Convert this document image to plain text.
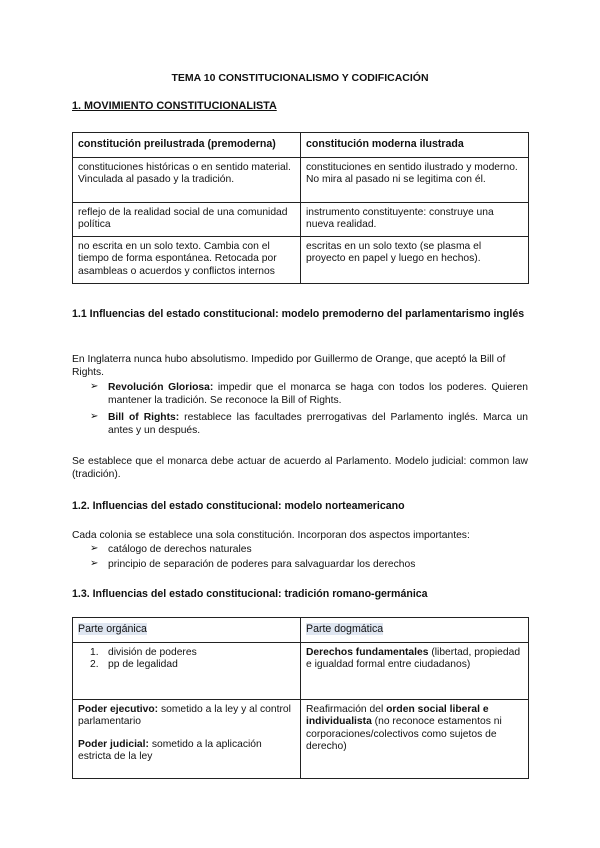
TEMA 10 CONSTITUCIONALISMO Y CODIFICACIÓN
1. MOVIMIENTO CONSTITUCIONALISTA
constitución preilustrada (premoderna)	constitución moderna ilustrada
constituciones históricas o en sentido material. Vinculada al pasado y la tradición.	constituciones en sentido ilustrado y moderno. No mira al pasado ni se legitima con él.
reflejo de la realidad social de una comunidad política	instrumento constituyente: construye una nueva realidad.
no escrita en un solo texto. Cambia con el tiempo de forma espontánea. Retocada por asambleas o acuerdos y conflictos internos	escritas en un solo texto (se plasma el proyecto en papel y luego en hechos).
1.1 Influencias del estado constitucional: modelo premoderno del parlamentarismo inglés
En Inglaterra nunca hubo absolutismo. Impedido por Guillermo de Orange, que aceptó la Bill of Rights.
➢ Revolución Gloriosa: impedir que el monarca se haga con todos los poderes. Quieren mantener la tradición. Se reconoce la Bill of Rights.
➢ Bill of Rights: restablece las facultades prerrogativas del Parlamento inglés. Marca un antes y un después.
Se establece que el monarca debe actuar de acuerdo al Parlamento. Modelo judicial: common law (tradición).
1.2. Influencias del estado constitucional: modelo norteamericano
Cada colonia se establece una sola constitución. Incorporan dos aspectos importantes:
➢ catálogo de derechos naturales
➢ principio de separación de poderes para salvaguardar los derechos
1.3. Influencias del estado constitucional: tradición romano-germánica
Parte orgánica	Parte dogmática

1. división de poderes
2. pp de legalidad	Derechos fundamentales (libertad, propiedad e igualdad formal entre ciudadanos)

Poder ejecutivo: sometido a la ley y al control parlamentario
Poder judicial: sometido a la aplicación estricta de la ley	Reafirmación del orden social liberal e individualista (no reconoce estamentos ni corporaciones/colectivos como sujetos de derecho)
